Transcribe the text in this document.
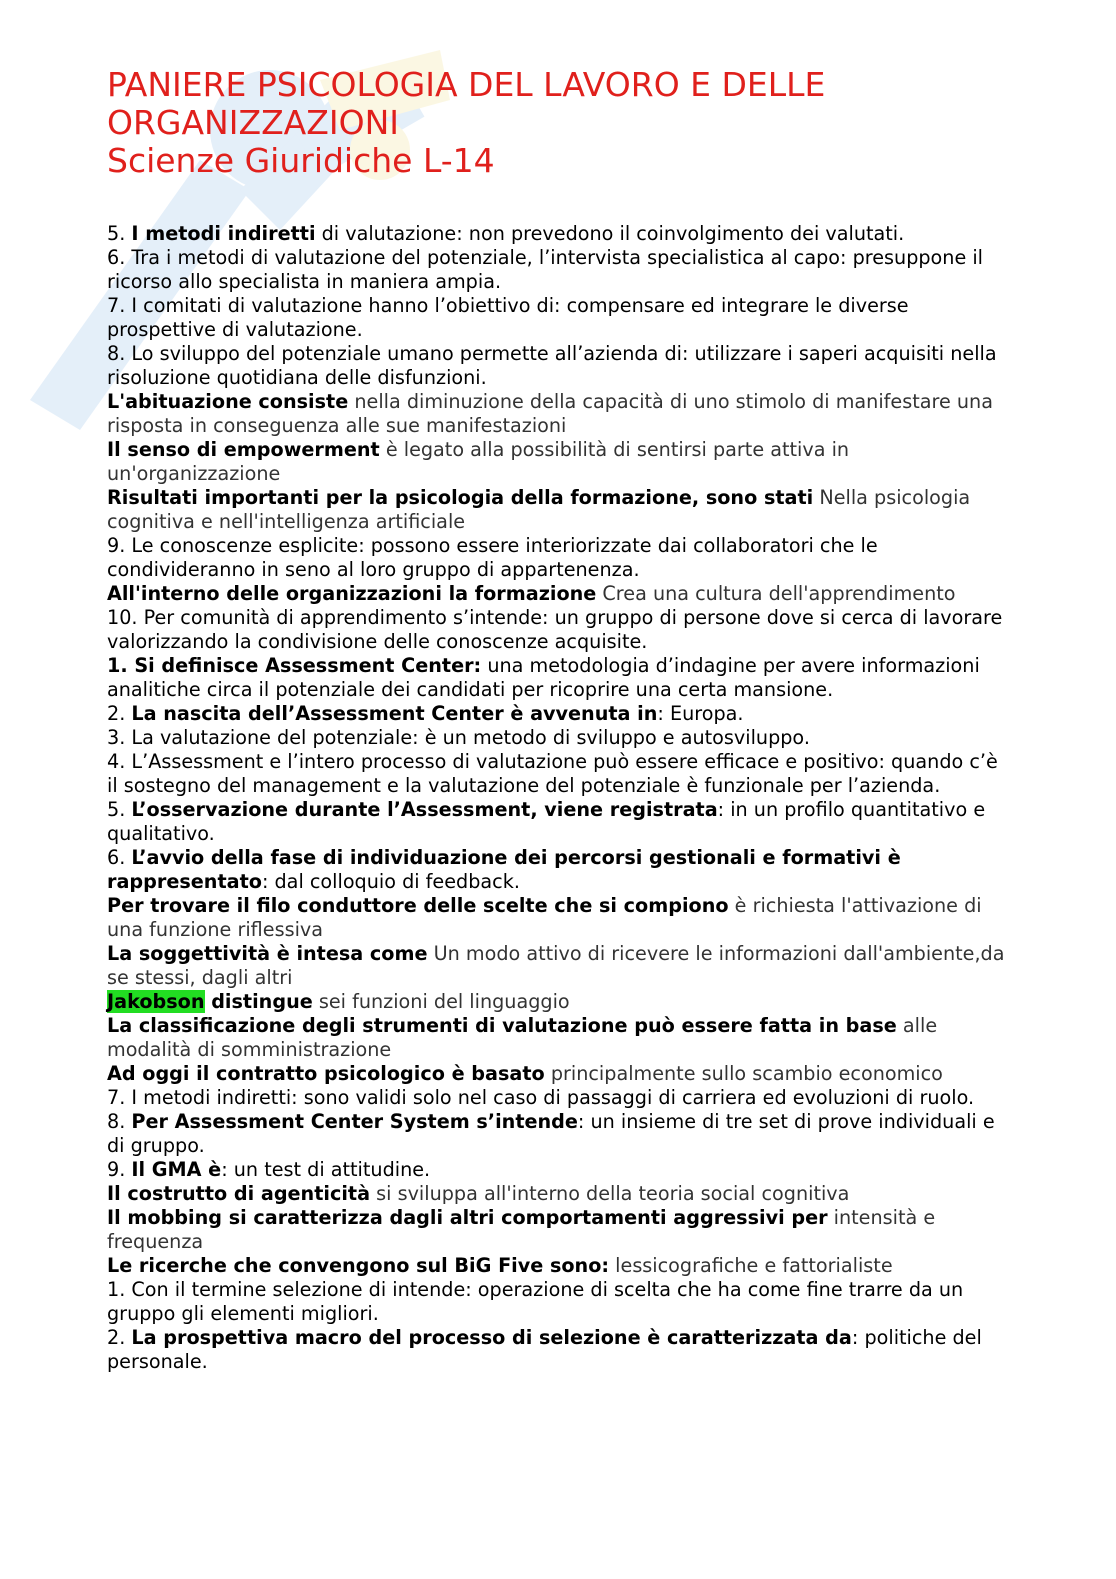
PANIERE PSICOLOGIA DEL LAVORO E DELLE
ORGANIZZAZIONI
Scienze Giuridiche L-14

5. I metodi indiretti di valutazione: non prevedono il coinvolgimento dei valutati.

6. Tra i metodi di valutazione del potenziale, l’intervista specialistica al capo: presuppone il ricorso allo specialista in maniera ampia.

7. I comitati di valutazione hanno l’obiettivo di: compensare ed integrare le diverse prospettive di valutazione.

8. Lo sviluppo del potenziale umano permette all’azienda di: utilizzare i saperi acquisiti nella risoluzione quotidiana delle disfunzioni.

L'abituazione consiste nella diminuzione della capacità di uno stimolo di manifestare una risposta in conseguenza alle sue manifestazioni

Il senso di empowerment è legato alla possibilità di sentirsi parte attiva in un'organizzazione

Risultati importanti per la psicologia della formazione, sono stati Nella psicologia cognitiva e nell'intelligenza artificiale

9. Le conoscenze esplicite: possono essere interiorizzate dai collaboratori che le condivideranno in seno al loro gruppo di appartenenza.

All'interno delle organizzazioni la formazione Crea una cultura dell'apprendimento

10. Per comunità di apprendimento s’intende: un gruppo di persone dove si cerca di lavorare valorizzando la condivisione delle conoscenze acquisite.

1. Si definisce Assessment Center: una metodologia d’indagine per avere informazioni analitiche circa il potenziale dei candidati per ricoprire una certa mansione.

2. La nascita dell’Assessment Center è avvenuta in: Europa.

3. La valutazione del potenziale: è un metodo di sviluppo e autosviluppo.

4. L’Assessment e l’intero processo di valutazione può essere efficace e positivo: quando c’è il sostegno del management e la valutazione del potenziale è funzionale per l’azienda.

5. L’osservazione durante l’Assessment, viene registrata: in un profilo quantitativo e qualitativo.

6. L’avvio della fase di individuazione dei percorsi gestionali e formativi è rappresentato: dal colloquio di feedback.

Per trovare il filo conduttore delle scelte che si compiono è richiesta l'attivazione di una funzione riflessiva

La soggettività è intesa come Un modo attivo di ricevere le informazioni dall'ambiente,da se stessi, dagli altri

Jakobson distingue sei funzioni del linguaggio

La classificazione degli strumenti di valutazione può essere fatta in base alle modalità di somministrazione

Ad oggi il contratto psicologico è basato principalmente sullo scambio economico

7. I metodi indiretti: sono validi solo nel caso di passaggi di carriera ed evoluzioni di ruolo.

8. Per Assessment Center System s’intende: un insieme di tre set di prove individuali e di gruppo.

9. Il GMA è: un test di attitudine.

Il costrutto di agenticità si sviluppa all'interno della teoria social cognitiva

Il mobbing si caratterizza dagli altri comportamenti aggressivi per intensità e frequenza

Le ricerche che convengono sul BiG Five sono: lessicografiche e fattorialiste

1. Con il termine selezione di intende: operazione di scelta che ha come fine trarre da un gruppo gli elementi migliori.

2. La prospettiva macro del processo di selezione è caratterizzata da: politiche del personale.
